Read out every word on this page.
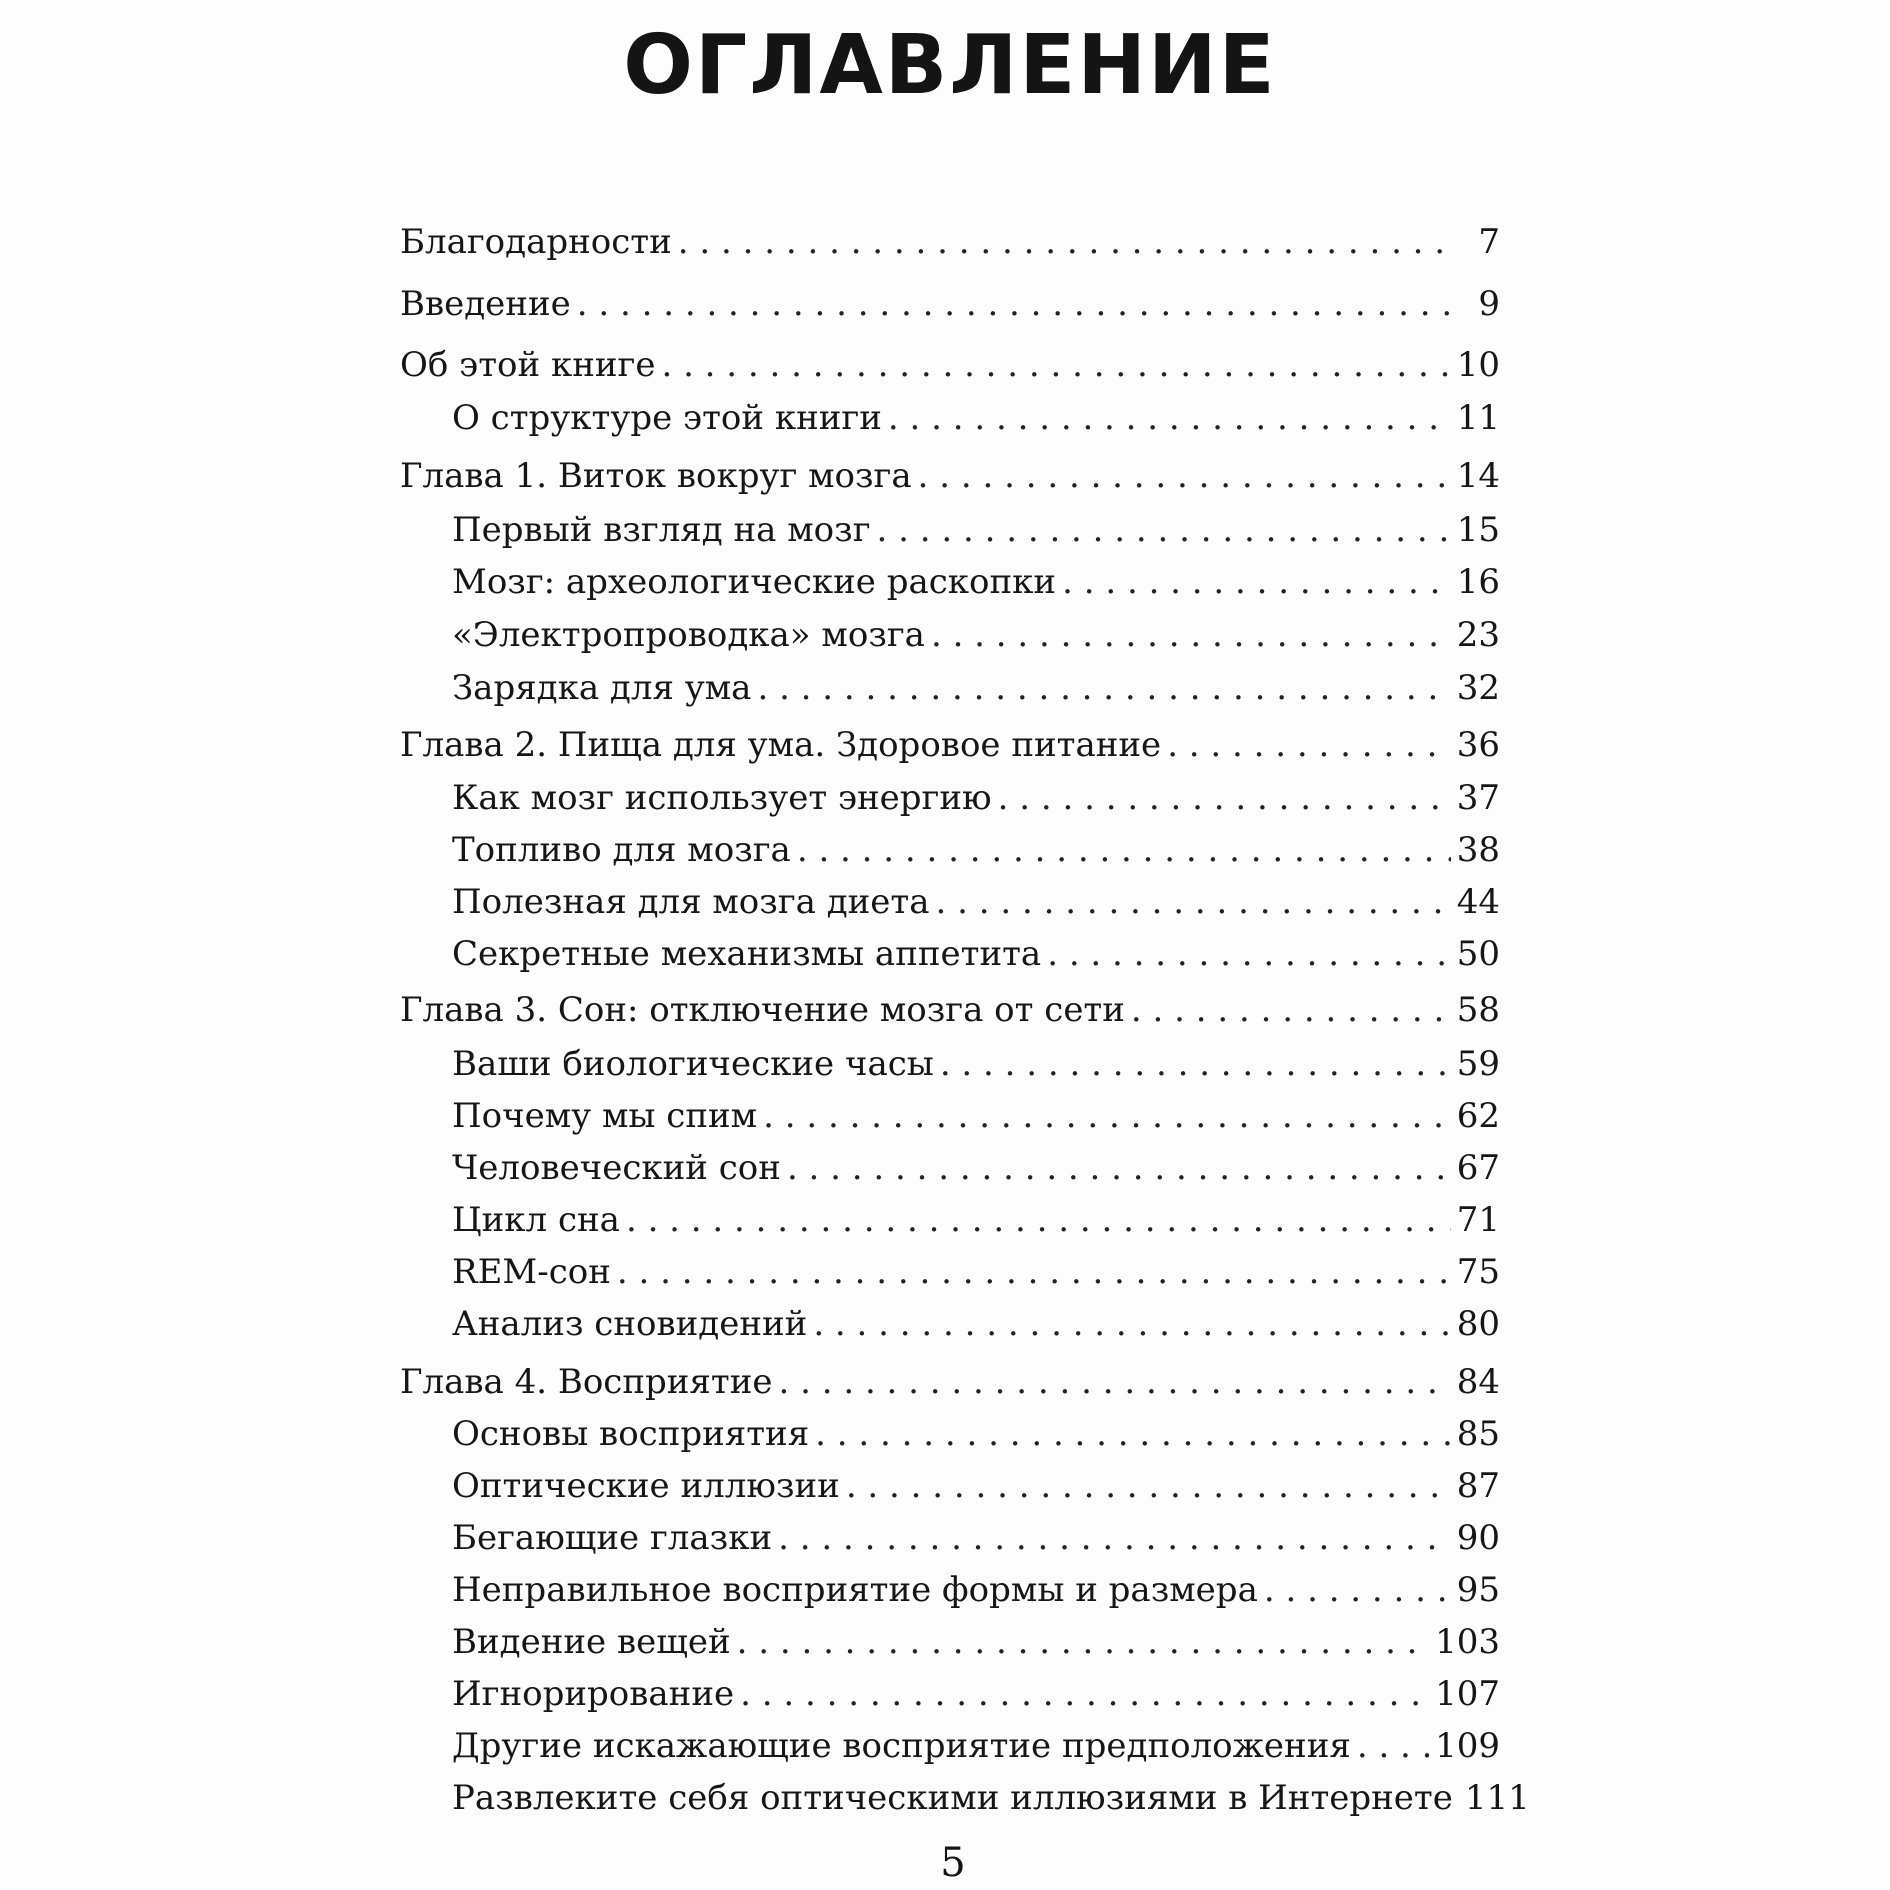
ОГЛАВЛЕНИЕ
Благодарности . . .	7
Введение . . .	9
Об этой книге . . .	10
О структуре этой книги . . .	11
Глава 1. Виток вокруг мозга . . .	14
Первый взгляд на мозг . . .	15
Мозг: археологические раскопки . . .	16
«Электропроводка» мозга . . .	23
Зарядка для ума . . .	32
Глава 2. Пища для ума. Здоровое питание . . .	36
Как мозг использует энергию . . .	37
Топливо для мозга . . .	38
Полезная для мозга диета . . .	44
Секретные механизмы аппетита . . .	50
Глава 3. Сон: отключение мозга от сети . . .	58
Ваши биологические часы . . .	59
Почему мы спим . . .	62
Человеческий сон . . .	67
Цикл сна . . .	71
REM-сон . . .	75
Анализ сновидений . . .	80
Глава 4. Восприятие . . .	84
Основы восприятия . . .	85
Оптические иллюзии . . .	87
Бегающие глазки . . .	90
Неправильное восприятие формы и размера . . .	95
Видение вещей . . .	103
Игнорирование . . .	107
Другие искажающие восприятие предположения . . . 109
Развлеките себя оптическими иллюзиями в Интернете 111
5
